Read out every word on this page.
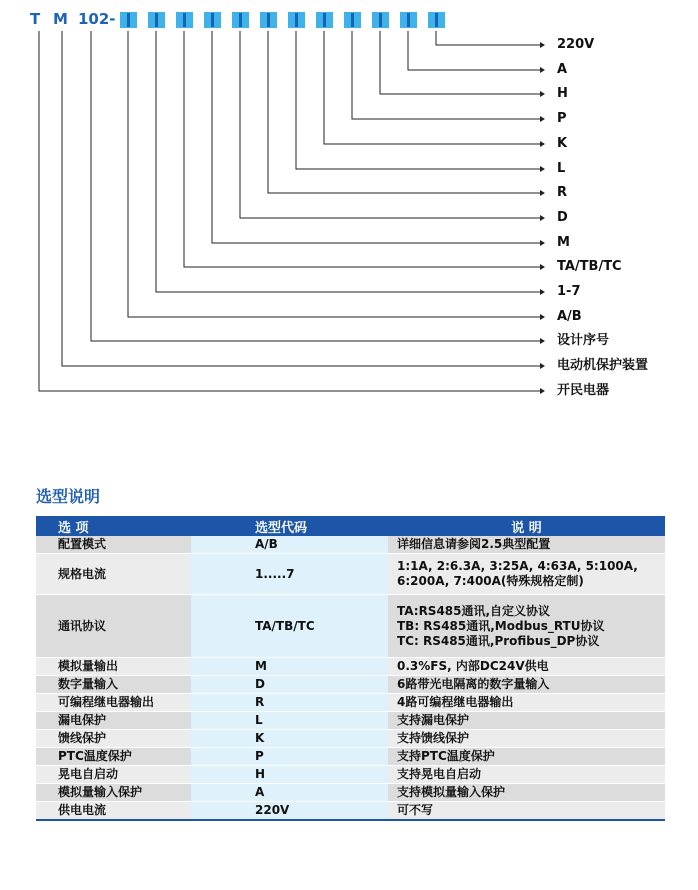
T M 102-
220V
A
H
P
K
L
R
D
M
TA/TB/TC
1-7
A/B
设计序号
电动机保护装置
开民电器
选型说明
选 项	选型代码	说 明
配置模式	A/B	详细信息请参阅2.5典型配置

规格电流	1.....7	1:1A, 2:6.3A, 3:25A, 4:63A, 5:100A,
6:200A, 7:400A(特殊规格定制)

通讯协议	TA/TB/TC	TA:RS485通讯,自定义协议
TB: RS485通讯,Modbus_RTU协议
TC: RS485通讯,Profibus_DP协议

模拟量输出	M	0.3%FS, 内部DC24V供电

数字量输入	D	6路带光电隔离的数字量输入

可编程继电器输出	R	4路可编程继电器输出

漏电保护	L	支持漏电保护

馈线保护	K	支持馈线保护

PTC温度保护	P	支持PTC温度保护

晃电自启动	H	支持晃电自启动

模拟量输入保护	A	支持模拟量输入保护

供电电流	220V	可不写
